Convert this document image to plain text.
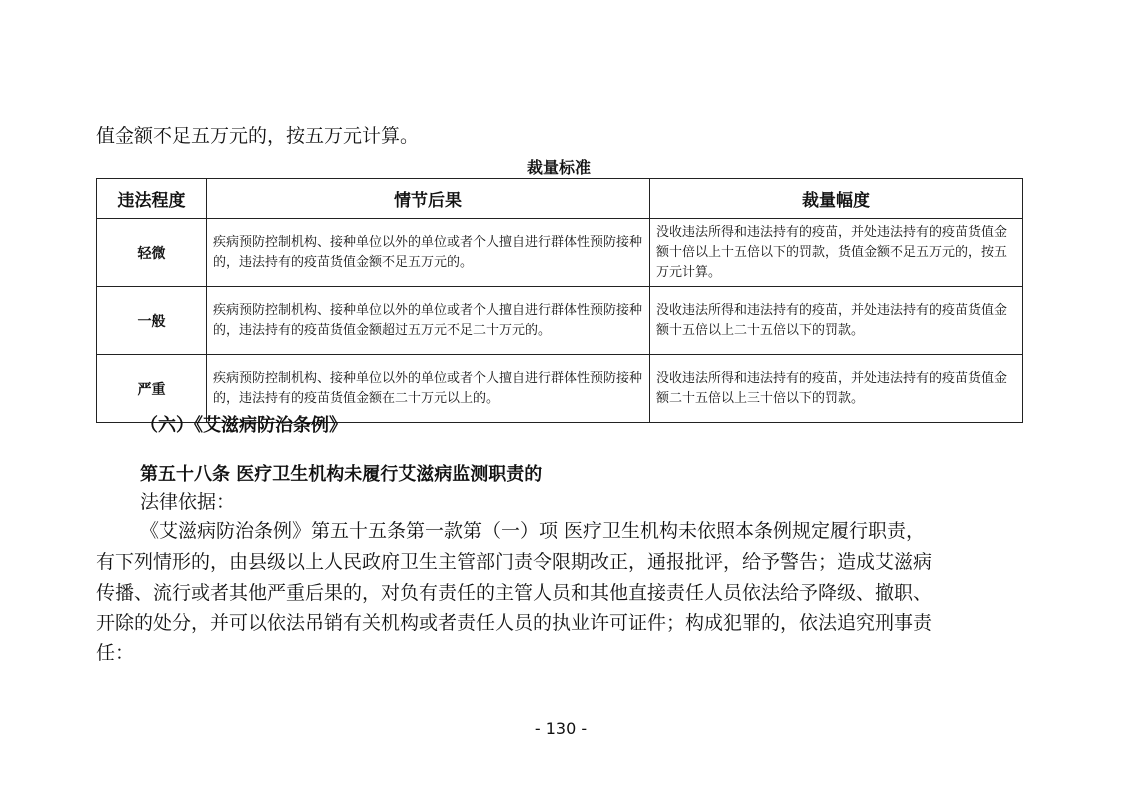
值金额不足五万元的，按五万元计算。
裁量标准
违法程度	情节后果	裁量幅度
轻微	疾病预防控制机构、接种单位以外的单位或者个人擅自进行群体性预防接种的，违法持有的疫苗货值金额不足五万元的。	没收违法所得和违法持有的疫苗，并处违法持有的疫苗货值金额十倍以上十五倍以下的罚款，货值金额不足五万元的，按五万元计算。
一般	疾病预防控制机构、接种单位以外的单位或者个人擅自进行群体性预防接种的，违法持有的疫苗货值金额超过五万元不足二十万元的。	没收违法所得和违法持有的疫苗，并处违法持有的疫苗货值金额十五倍以上二十五倍以下的罚款。
严重	疾病预防控制机构、接种单位以外的单位或者个人擅自进行群体性预防接种的，违法持有的疫苗货值金额在二十万元以上的。	没收违法所得和违法持有的疫苗，并处违法持有的疫苗货值金额二十五倍以上三十倍以下的罚款。
（六）《艾滋病防治条例》
第五十八条 医疗卫生机构未履行艾滋病监测职责的
法律依据：
《艾滋病防治条例》第五十五条第一款第（一）项 医疗卫生机构未依照本条例规定履行职责，
有下列情形的，由县级以上人民政府卫生主管部门责令限期改正，通报批评，给予警告；造成艾滋病
传播、流行或者其他严重后果的，对负有责任的主管人员和其他直接责任人员依法给予降级、撤职、
开除的处分，并可以依法吊销有关机构或者责任人员的执业许可证件；构成犯罪的，依法追究刑事责
任：
- 130 -
